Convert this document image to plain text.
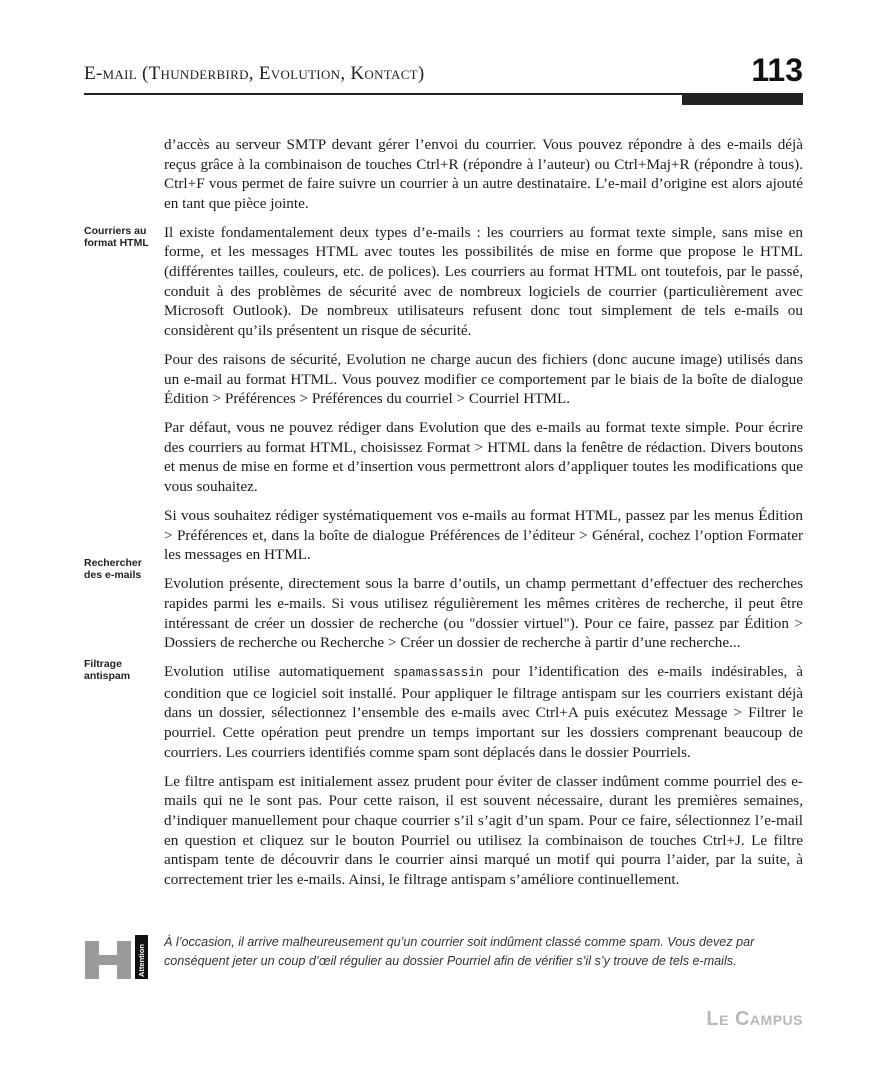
E-mail (Thunderbird, Evolution, Kontact)	113
Courriers au format HTML
Rechercher des e-mails
Filtrage antispam

d’accès au serveur SMTP devant gérer l’envoi du courrier. Vous pouvez répondre à des e-mails déjà reçus grâce à la combinaison de touches Ctrl+R (répondre à l’auteur) ou Ctrl+Maj+R (répondre à tous). Ctrl+F vous permet de faire suivre un courrier à un autre destinataire. L’e-mail d’origine est alors ajouté en tant que pièce jointe.

Il existe fondamentalement deux types d’e-mails : les courriers au format texte simple, sans mise en forme, et les messages HTML avec toutes les possibilités de mise en forme que propose le HTML (différentes tailles, couleurs, etc. de polices). Les courriers au format HTML ont toutefois, par le passé, conduit à des problèmes de sécurité avec de nombreux logiciels de courrier (particulièrement avec Microsoft Outlook). De nombreux utilisateurs refusent donc tout simplement de tels e-mails ou considèrent qu’ils présentent un risque de sécurité.

Pour des raisons de sécurité, Evolution ne charge aucun des fichiers (donc aucune image) utilisés dans un e-mail au format HTML. Vous pouvez modifier ce comportement par le biais de la boîte de dialogue Édition > Préférences > Préférences du courriel > Courriel HTML.

Par défaut, vous ne pouvez rédiger dans Evolution que des e-mails au format texte simple. Pour écrire des courriers au format HTML, choisissez Format > HTML dans la fenêtre de rédaction. Divers boutons et menus de mise en forme et d’insertion vous permettront alors d’appliquer toutes les modifications que vous souhaitez.

Si vous souhaitez rédiger systématiquement vos e-mails au format HTML, passez par les menus Édition > Préférences et, dans la boîte de dialogue Préférences de l’éditeur > Général, cochez l’option Formater les messages en HTML.

Evolution présente, directement sous la barre d’outils, un champ permettant d’effectuer des recherches rapides parmi les e-mails. Si vous utilisez régulièrement les mêmes critères de recherche, il peut être intéressant de créer un dossier de recherche (ou "dossier virtuel"). Pour ce faire, passez par Édition > Dossiers de recherche ou Recherche > Créer un dossier de recherche à partir d’une recherche...

Evolution utilise automatiquement spamassassin pour l’identification des e-mails indésirables, à condition que ce logiciel soit installé. Pour appliquer le filtrage antispam sur les courriers existant déjà dans un dossier, sélectionnez l’ensemble des e-mails avec Ctrl+A puis exécutez Message > Filtrer le pourriel. Cette opération peut prendre un temps important sur les dossiers comprenant beaucoup de courriers. Les courriers identifiés comme spam sont déplacés dans le dossier Pourriels.

Le filtre antispam est initialement assez prudent pour éviter de classer indûment comme pourriel des e-mails qui ne le sont pas. Pour cette raison, il est souvent nécessaire, durant les premières semaines, d’indiquer manuellement pour chaque courrier s’il s’agit d’un spam. Pour ce faire, sélectionnez l’e-mail en question et cliquez sur le bouton Pourriel ou utilisez la combinaison de touches Ctrl+J. Le filtre antispam tente de découvrir dans le courrier ainsi marqué un motif qui pourra l’aider, par la suite, à correctement trier les e-mails. Ainsi, le filtrage antispam s’améliore continuellement.

Attention
À l’occasion, il arrive malheureusement qu’un courrier soit indûment classé comme spam. Vous devez par conséquent jeter un coup d’œil régulier au dossier Pourriel afin de vérifier s’il s’y trouve de tels e-mails.
Le Campus
